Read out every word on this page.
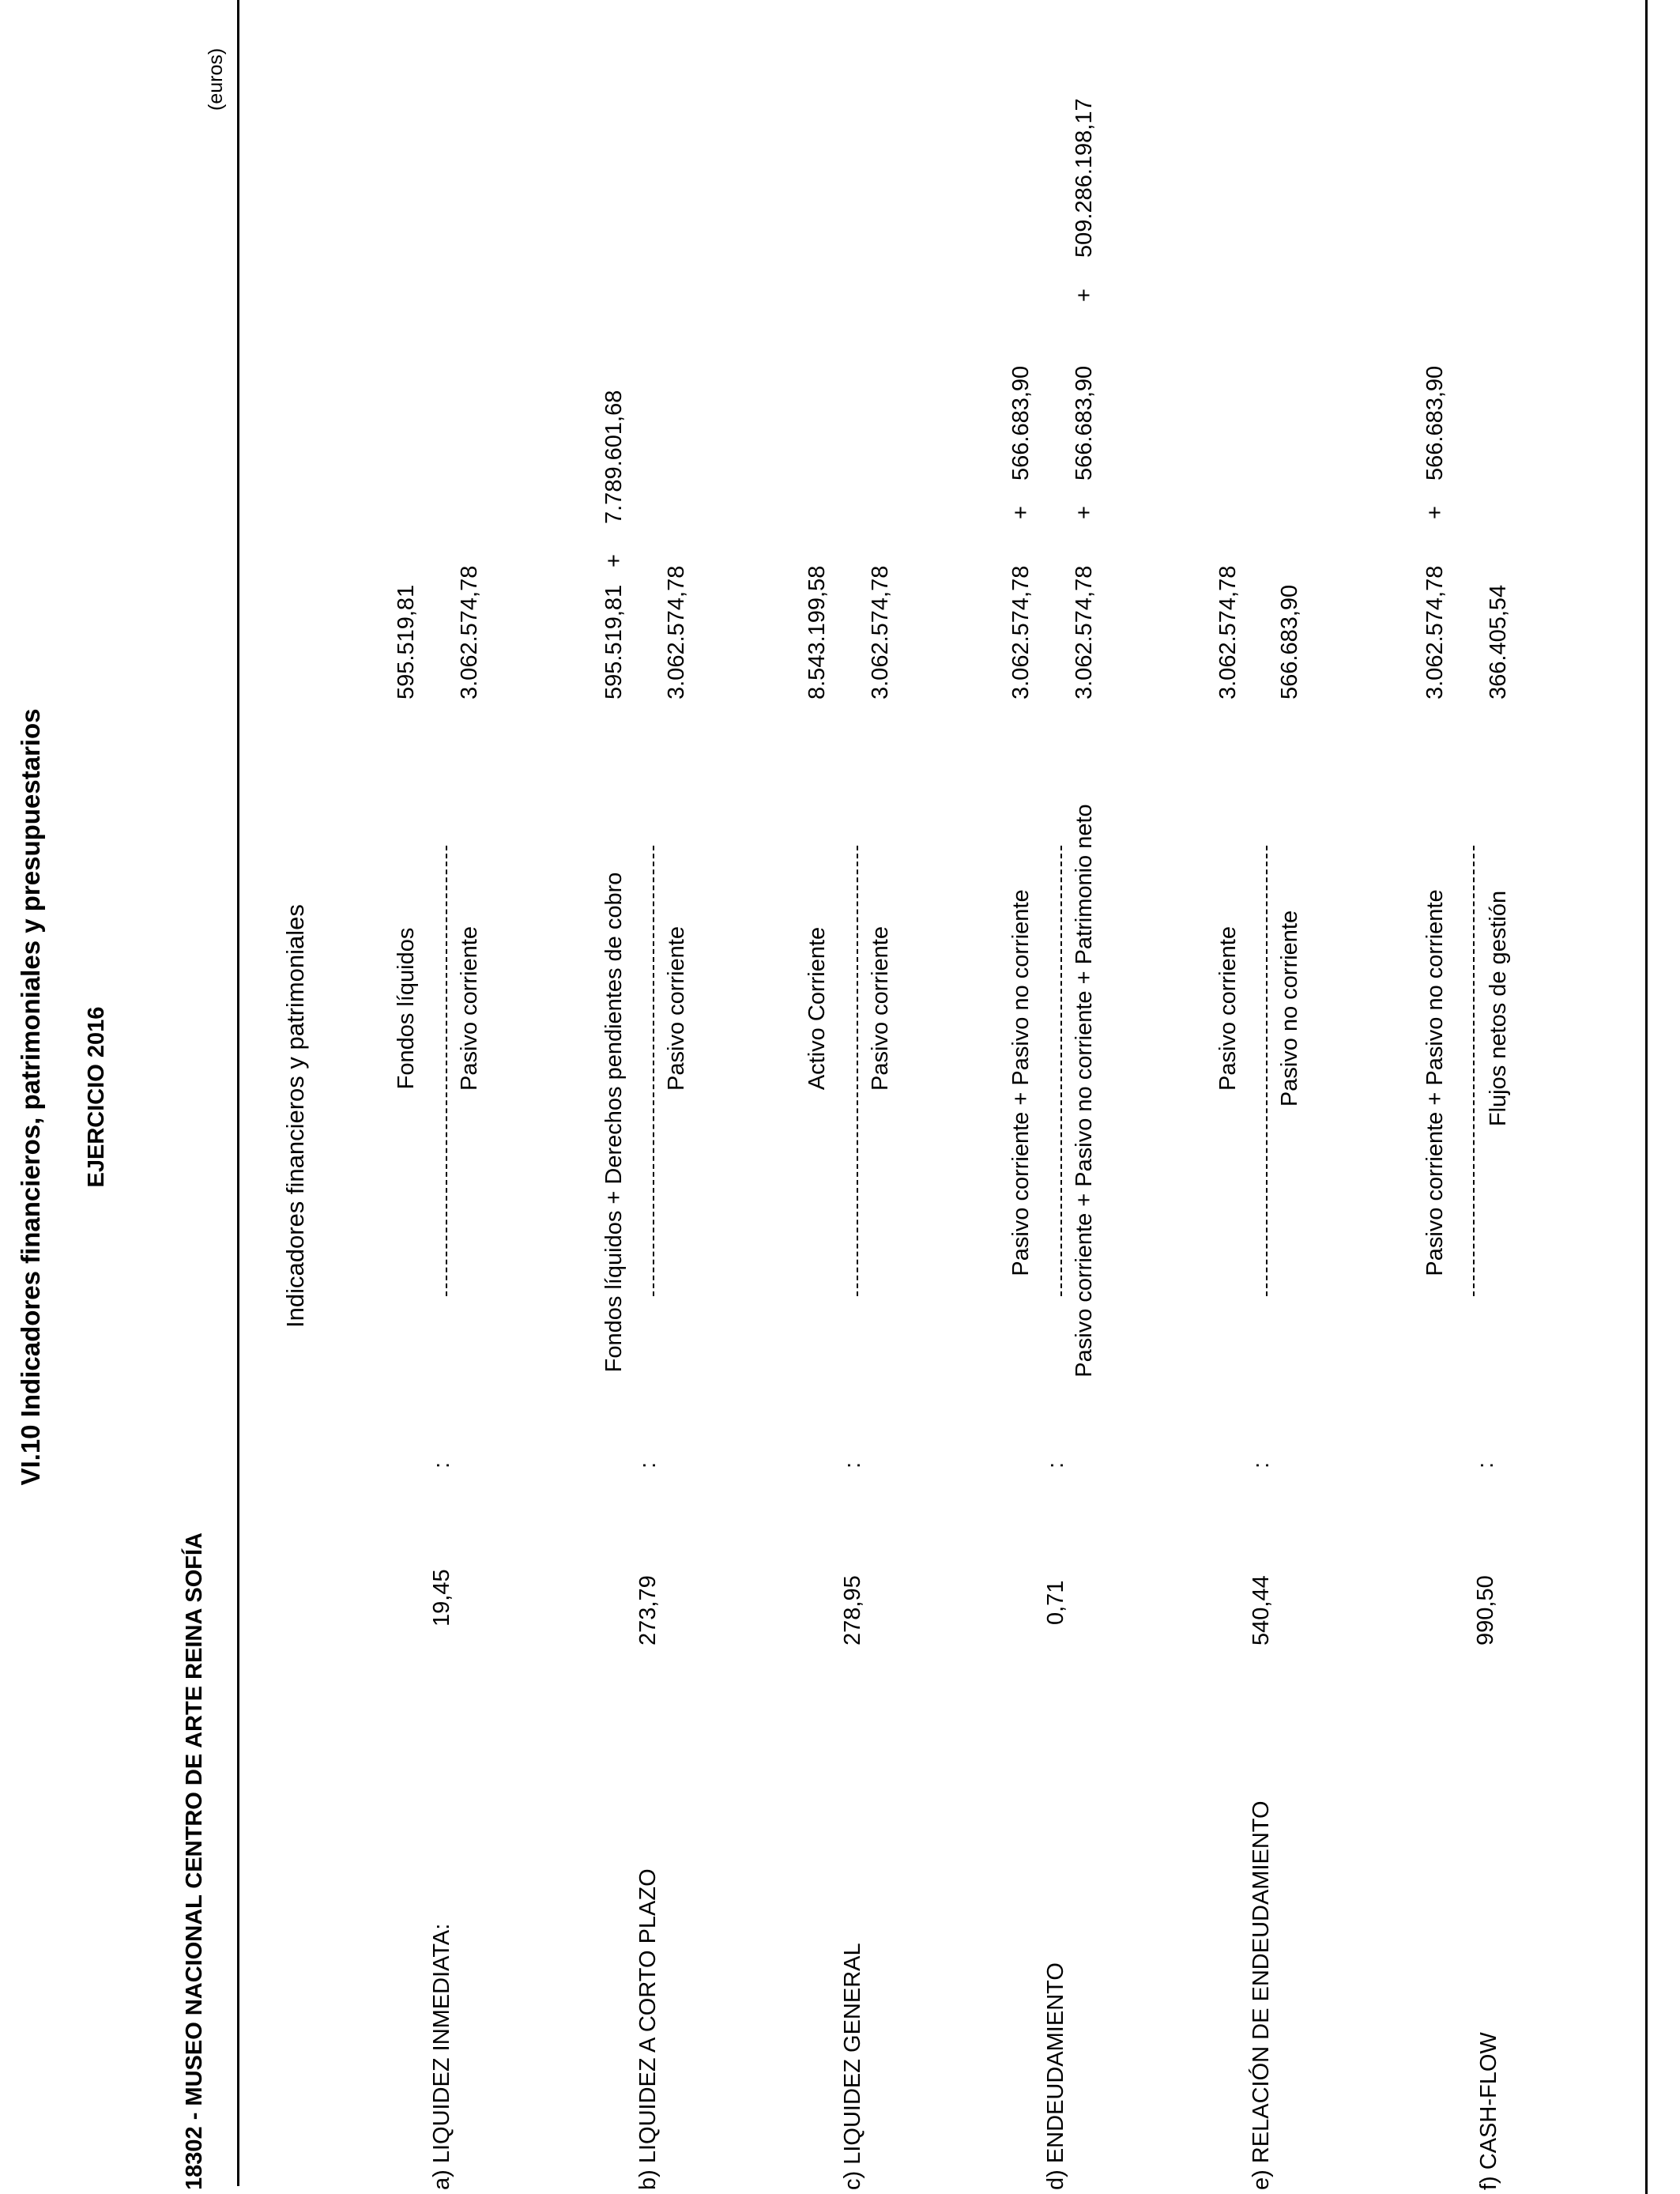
VI.10 Indicadores financieros, patrimoniales y presupuestarios EJERCICIO 2016
18302 - MUSEO NACIONAL CENTRO DE ARTE REINA SOFÍA
(euros)
Indicadores financieros y patrimoniales
a) LIQUIDEZ INMEDIATA:
19,45
:
Fondos líquidos Pasivo corriente
595.519,81 3.062.574,78
b) LIQUIDEZ A CORTO PLAZO
273,79
:
Fondos líquidos + Derechos pendientes de cobro Pasivo corriente
595.519,81
+
7.789.601,68
3.062.574,78
c) LIQUIDEZ GENERAL
278,95
:
Activo Corriente Pasivo corriente
8.543.199,58 3.062.574,78
d) ENDEUDAMIENTO
0,71
:
Pasivo corriente + Pasivo no corriente Pasivo corriente + Pasivo no corriente + Patrimonio neto
3.062.574,78
+
566.683,90
3.062.574,78
+
566.683,90
+
509.286.198,17
e) RELACIÓN DE ENDEUDAMIENTO
540,44
:
Pasivo corriente Pasivo no corriente
3.062.574,78 566.683,90
f) CASH-FLOW
990,50
:
Pasivo corriente + Pasivo no corriente Flujos netos de gestión
3.062.574,78
+
566.683,90
366.405,54
